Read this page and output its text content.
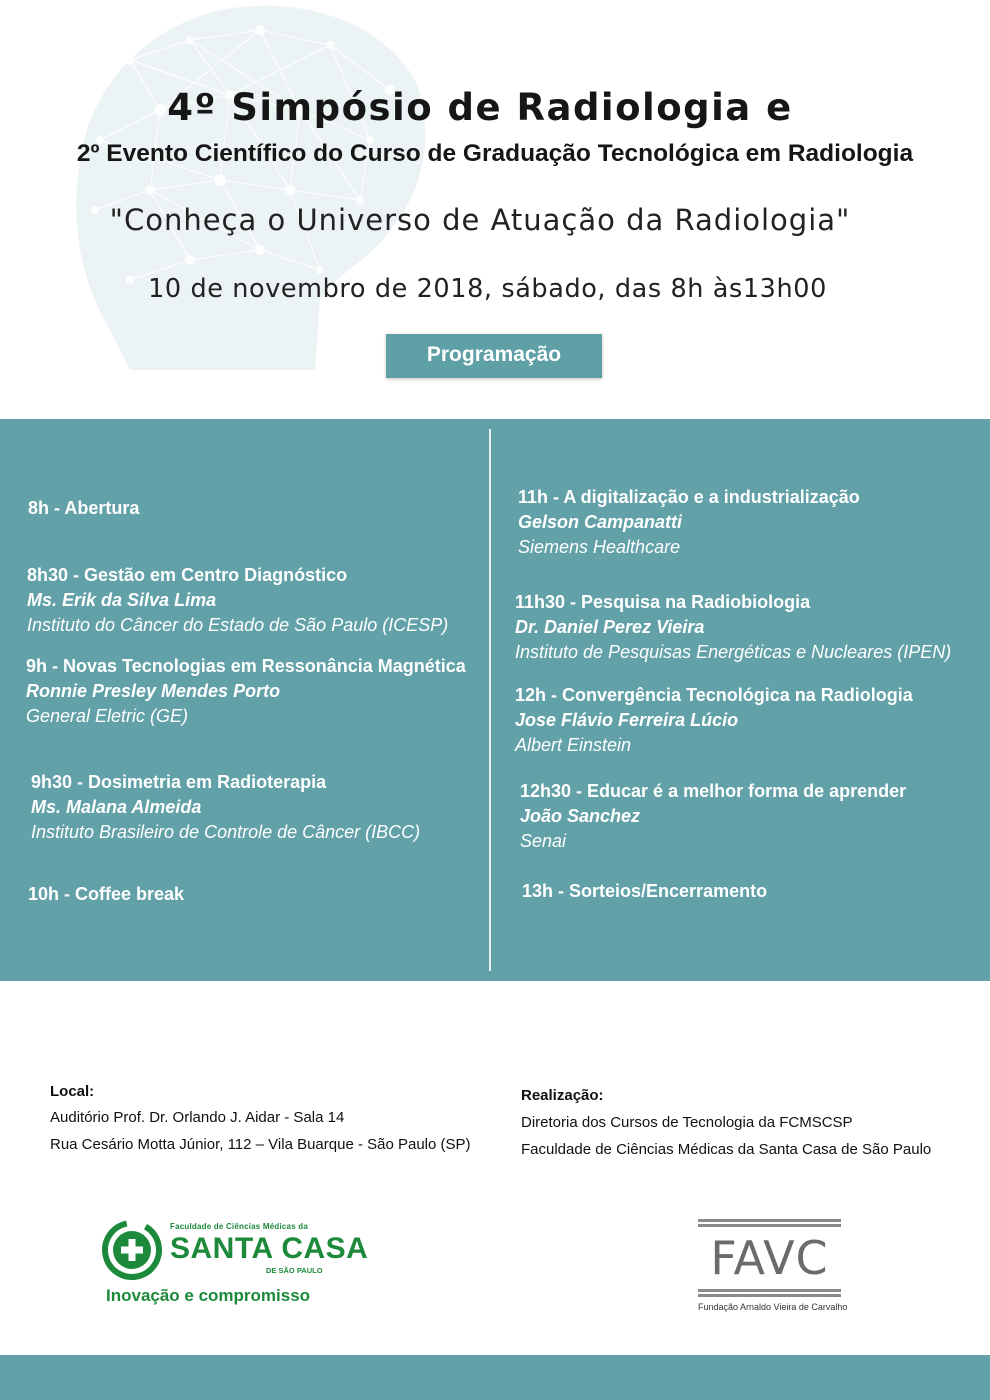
4º Simpósio de Radiologia e
2º Evento Científico do Curso de Graduação Tecnológica em Radiologia
"Conheça o Universo de Atuação da Radiologia"
10 de novembro de 2018, sábado, das 8h às13h00
Programação
8h - Abertura
8h30 - Gestão em Centro Diagnóstico
Ms. Erik da Silva Lima
Instituto do Câncer do Estado de São Paulo (ICESP)
9h - Novas Tecnologias em Ressonância Magnética
Ronnie Presley Mendes Porto
General Eletric (GE)
9h30 - Dosimetria em Radioterapia
Ms. Malana Almeida
Instituto Brasileiro de Controle de Câncer (IBCC)
10h - Coffee break
11h - A digitalização e a industrialização
Gelson Campanatti
Siemens Healthcare
11h30 - Pesquisa na Radiobiologia
Dr. Daniel Perez Vieira
Instituto de Pesquisas Energéticas e Nucleares (IPEN)
12h - Convergência Tecnológica na Radiologia
Jose Flávio Ferreira Lúcio
Albert Einstein
12h30 - Educar é a melhor forma de aprender
João Sanchez
Senai
13h - Sorteios/Encerramento
Local:
Auditório Prof. Dr. Orlando J. Aidar - Sala 14
Rua Cesário Motta Júnior, 112 – Vila Buarque - São Paulo (SP)
Realização:
Diretoria dos Cursos de Tecnologia da FCMSCSP
Faculdade de Ciências Médicas da Santa Casa de São Paulo
Faculdade de Ciências Médicas da
SANTA CASA
DE SÃO PAULO
Inovação e compromisso
FAVC
Fundação Arnaldo Vieira de Carvalho
